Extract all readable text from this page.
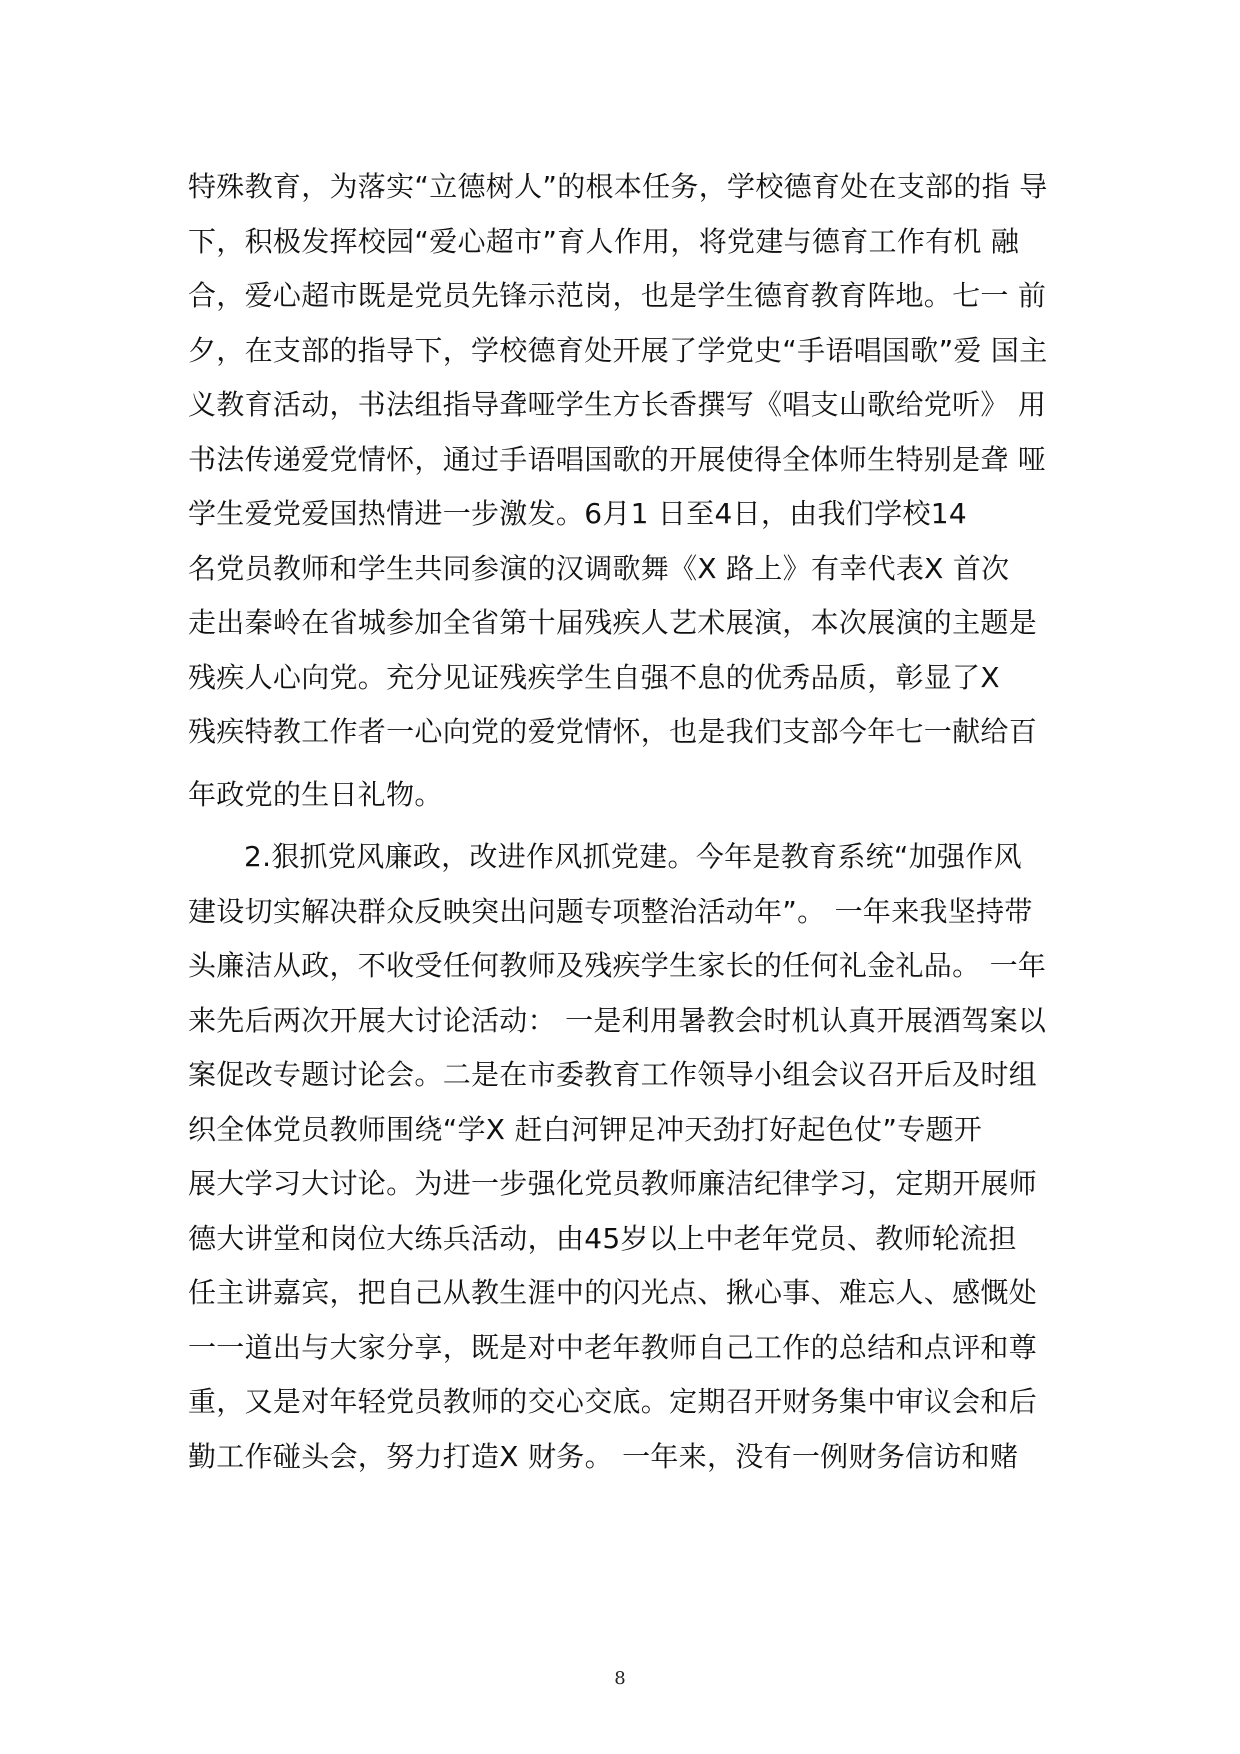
特殊教育，为落实“立德树人”的根本任务，学校德育处在支部的指 导
下，积极发挥校园“爱心超市”育人作用，将党建与德育工作有机 融
合，爱心超市既是党员先锋示范岗，也是学生德育教育阵地。七一 前
夕，在支部的指导下，学校德育处开展了学党史“手语唱国歌”爱 国主
义教育活动，书法组指导聋哑学生方长香撰写《唱支山歌给党听》 用
书法传递爱党情怀，通过手语唱国歌的开展使得全体师生特别是聋 哑
学生爱党爱国热情进一步激发。6月1 日至4日，由我们学校14
名党员教师和学生共同参演的汉调歌舞《X 路上》有幸代表X 首次
走出秦岭在省城参加全省第十届残疾人艺术展演，本次展演的主题是
残疾人心向党。充分见证残疾学生自强不息的优秀品质，彰显了X
残疾特教工作者一心向党的爱党情怀，也是我们支部今年七一献给百
年政党的生日礼物。
2.狠抓党风廉政，改进作风抓党建。今年是教育系统“加强作风
建设切实解决群众反映突出问题专项整治活动年”。 一年来我坚持带
头廉洁从政，不收受任何教师及残疾学生家长的任何礼金礼品。 一年
来先后两次开展大讨论活动： 一是利用暑教会时机认真开展酒驾案以
案促改专题讨论会。二是在市委教育工作领导小组会议召开后及时组
织全体党员教师围绕“学X 赶白河钾足冲天劲打好起色仗”专题开
展大学习大讨论。为进一步强化党员教师廉洁纪律学习，定期开展师
德大讲堂和岗位大练兵活动，由45岁以上中老年党员、教师轮流担
任主讲嘉宾，把自己从教生涯中的闪光点、揪心事、难忘人、感慨处
一一道出与大家分享，既是对中老年教师自己工作的总结和点评和尊
重，又是对年轻党员教师的交心交底。定期召开财务集中审议会和后
勤工作碰头会，努力打造X 财务。 一年来，没有一例财务信访和赌
8
